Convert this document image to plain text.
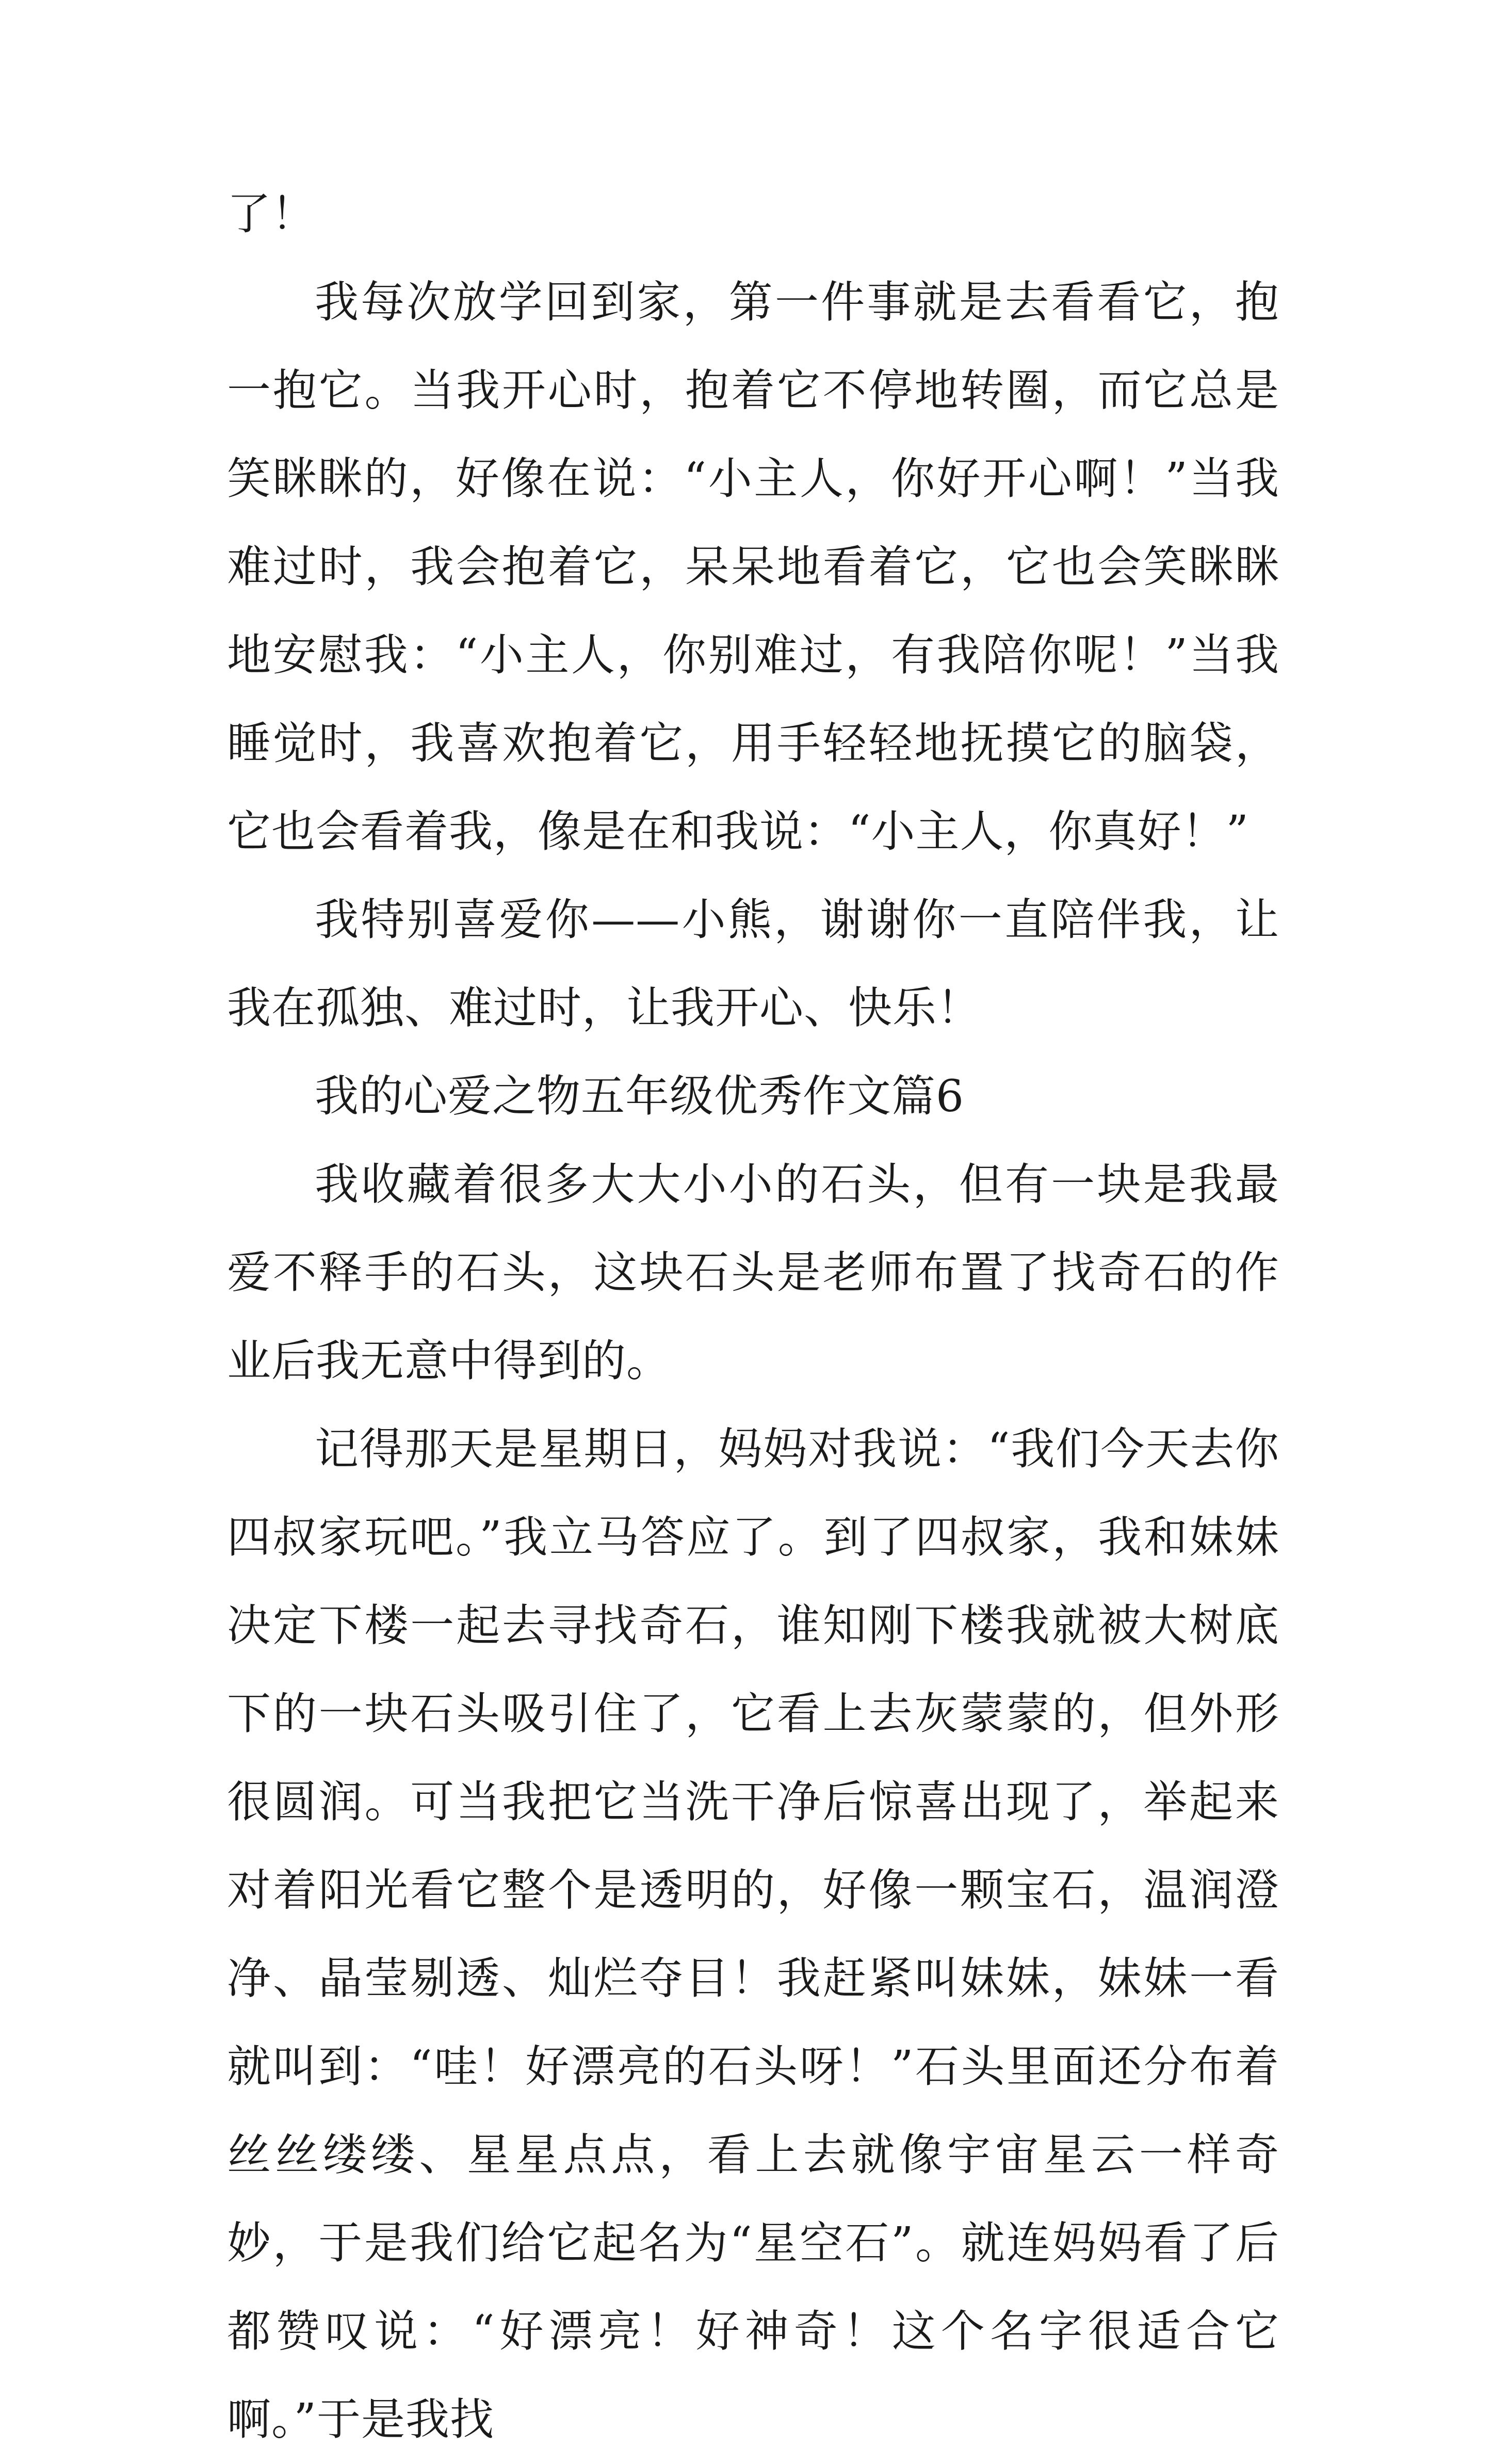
了！

我每次放学回到家，第一件事就是去看看它，抱一抱它。当我开心时，抱着它不停地转圈，而它总是笑眯眯的，好像在说：“小主人，你好开心啊！”当我难过时，我会抱着它，呆呆地看着它，它也会笑眯眯地安慰我：“小主人，你别难过，有我陪你呢！”当我睡觉时，我喜欢抱着它，用手轻轻地抚摸它的脑袋，它也会看着我，像是在和我说：“小主人，你真好！”

我特别喜爱你——小熊，谢谢你一直陪伴我，让我在孤独、难过时，让我开心、快乐！

我的心爱之物五年级优秀作文篇6

我收藏着很多大大小小的石头，但有一块是我最爱不释手的石头，这块石头是老师布置了找奇石的作业后我无意中得到的。

记得那天是星期日，妈妈对我说：“我们今天去你四叔家玩吧。”我立马答应了。到了四叔家，我和妹妹决定下楼一起去寻找奇石，谁知刚下楼我就被大树底下的一块石头吸引住了，它看上去灰蒙蒙的，但外形很圆润。可当我把它当洗干净后惊喜出现了，举起来对着阳光看它整个是透明的，好像一颗宝石，温润澄净、晶莹剔透、灿烂夺目！我赶紧叫妹妹，妹妹一看就叫到：“哇！好漂亮的石头呀！”石头里面还分布着丝丝缕缕、星星点点，看上去就像宇宙星云一样奇妙，于是我们给它起名为“星空石”。就连妈妈看了后都赞叹说：“好漂亮！好神奇！这个名字很适合它啊。”于是我找
